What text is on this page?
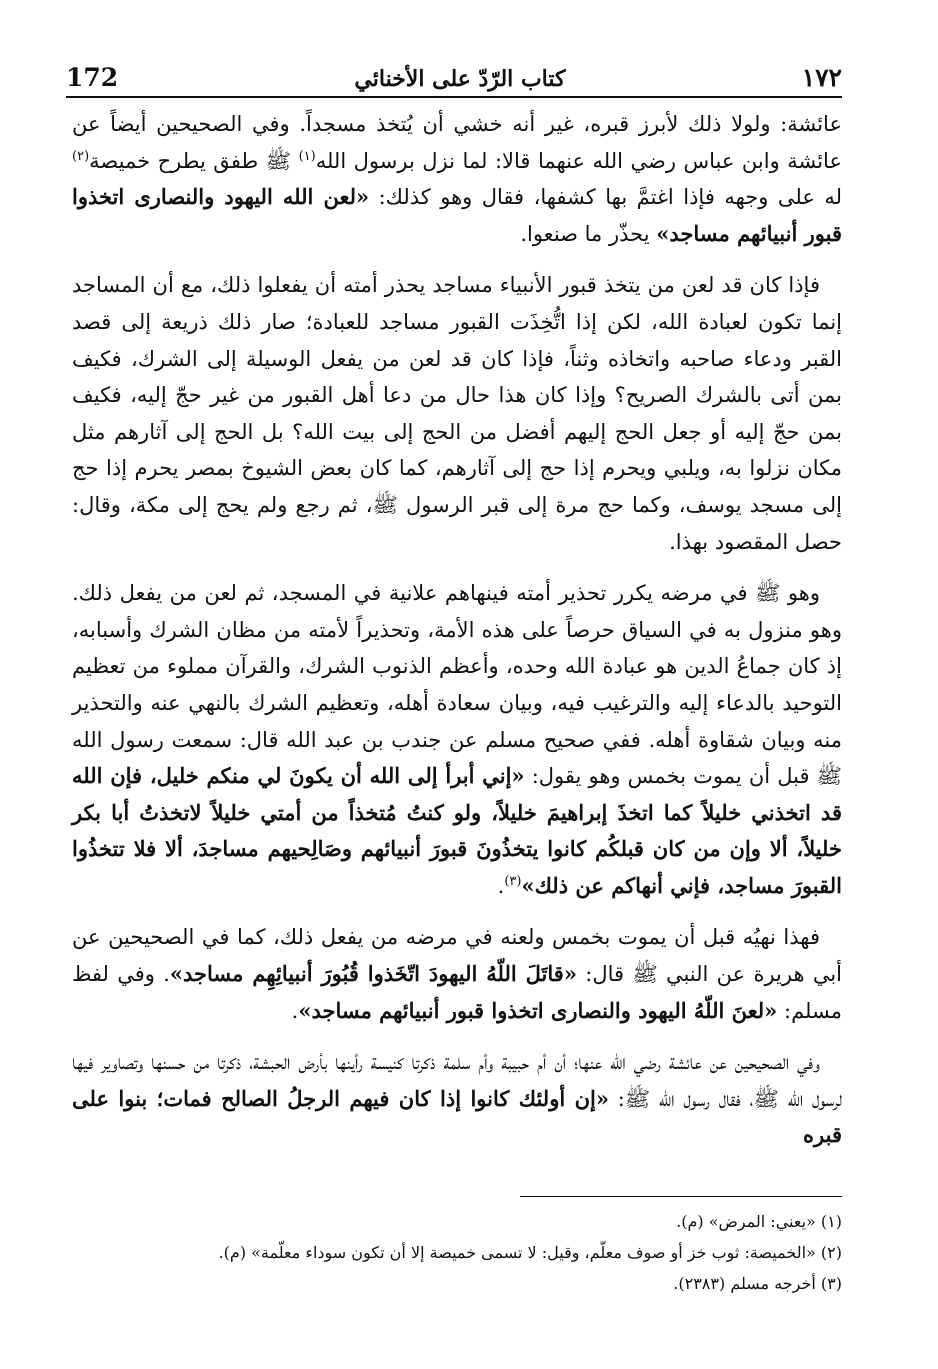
172	كتاب الرّدّ على الأخنائي	١٧٢

عائشة: ولولا ذلك لأبرز قبره، غير أنه خشي أن يُتخذ مسجداً. وفي الصحيحين أيضاً عن عائشة وابن عباس رضي الله عنهما قالا: لما نزل برسول الله$^{(١)}$ ﷺ طفق يطرح خميصة$^{(٢)}$ له على وجهه فإذا اغتمَّ بها كشفها، فقال وهو كذلك: «لعن الله اليهود والنصارى اتخذوا قبور أنبيائهم مساجد» يحذّر ما صنعوا.

فإذا كان قد لعن من يتخذ قبور الأنبياء مساجد يحذر أمته أن يفعلوا ذلك، مع أن المساجد إنما تكون لعبادة الله، لكن إذا اتُّخِذَت القبور مساجد للعبادة؛ صار ذلك ذريعة إلى قصد القبر ودعاء صاحبه واتخاذه وثناً، فإذا كان قد لعن من يفعل الوسيلة إلى الشرك، فكيف بمن أتى بالشرك الصريح؟ وإذا كان هذا حال من دعا أهل القبور من غير حجّ إليه، فكيف بمن حجّ إليه أو جعل الحج إليهم أفضل من الحج إلى بيت الله؟ بل الحج إلى آثارهم مثل مكان نزلوا به، ويلبي ويحرم إذا حج إلى آثارهم، كما كان بعض الشيوخ بمصر يحرم إذا حج إلى مسجد يوسف، وكما حج مرة إلى قبر الرسول ﷺ، ثم رجع ولم يحج إلى مكة، وقال: حصل المقصود بهذا.

وهو ﷺ في مرضه يكرر تحذير أمته فينهاهم علانية في المسجد، ثم لعن من يفعل ذلك. وهو منزول به في السياق حرصاً على هذه الأمة، وتحذيراً لأمته من مظان الشرك وأسبابه، إذ كان جماعُ الدين هو عبادة الله وحده، وأعظم الذنوب الشرك، والقرآن مملوء من تعظيم التوحيد بالدعاء إليه والترغيب فيه، وبيان سعادة أهله، وتعظيم الشرك بالنهي عنه والتحذير منه وبيان شقاوة أهله. ففي صحيح مسلم عن جندب بن عبد الله قال: سمعت رسول الله ﷺ قبل أن يموت بخمس وهو يقول: «إني أبرأ إلى الله أن يكونَ لي منكم خليل، فإن الله قد اتخذني خليلاً كما اتخذَ إبراهيمَ خليلاً، ولو كنتُ مُتخذاً من أمتي خليلاً لاتخذتُ أبا بكر خليلاً، ألا وإن من كان قبلكُم كانوا يتخذُونَ قبورَ أنبيائهم وصَالِحيهم مساجدَ، ألا فلا تتخذُوا القبورَ مساجد، فإني أنهاكم عن ذلك»$^{(٣)}$.

فهذا نهيُه قبل أن يموت بخمس ولعنه في مرضه من يفعل ذلك، كما في الصحيحين عن أبي هريرة عن النبي ﷺ قال: «قاتَلَ اللّهُ اليهودَ اتّخَذوا قُبُورَ أنبيائِهِم مساجد». وفي لفظ مسلم: «لعنَ اللّهُ اليهود والنصارى اتخذوا قبور أنبيائهم مساجد».

وفي الصحيحين عن عائشة رضي الله عنها؛ أن أم حبيبة وأم سلمة ذكرتا كنيسة رأينها بأرض الحبشة، ذكرتا من حسنها وتصاوير فيها لرسول الله ﷺ، فقال رسول الله ﷺ: «إن أولئك كانوا إذا كان فيهم الرجلُ الصالح فمات؛ بنوا على قبره

(١) «يعني: المرض» (م).
(٢) «الخميصة: ثوب خز أو صوف معلّم، وقيل: لا تسمى خميصة إلا أن تكون سوداء معلّمة» (م).
(٣) أخرجه مسلم (٢٣٨٣).
